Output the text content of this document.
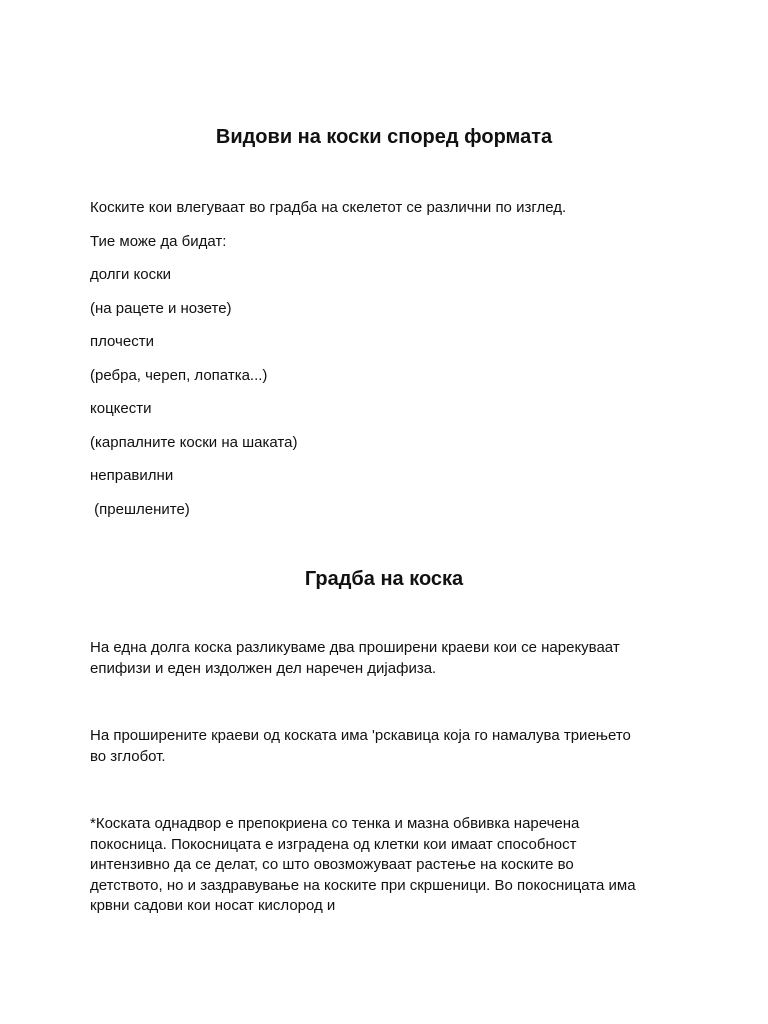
Видови на коски според формата

Коските кои влегуваат во градба на скелетот се различни по изглед.

Тие може да бидат:

долги коски

(на рацете и нозете)

плочести

(ребра, череп, лопатка...)

коцкести

(карпалните коски на шаката)

неправилни

(прешлените)

Градба на коска

На една долга коска разликуваме два проширени краеви кои се нарекуваат епифизи и еден издолжен дел наречен дијафиза.

На проширените краеви од коската има 'рскавица која го намалува триењето во зглобот.

*Коската однадвор е препокриена со тенка и мазна обвивка наречена покосница. Покосницата е изградена од клетки кои имаат способност интензивно да се делат, со што овозможуваат растење на коските во детството, но и заздравување на коските при скршеници. Во покосницата има крвни садови кои носат кислород и
